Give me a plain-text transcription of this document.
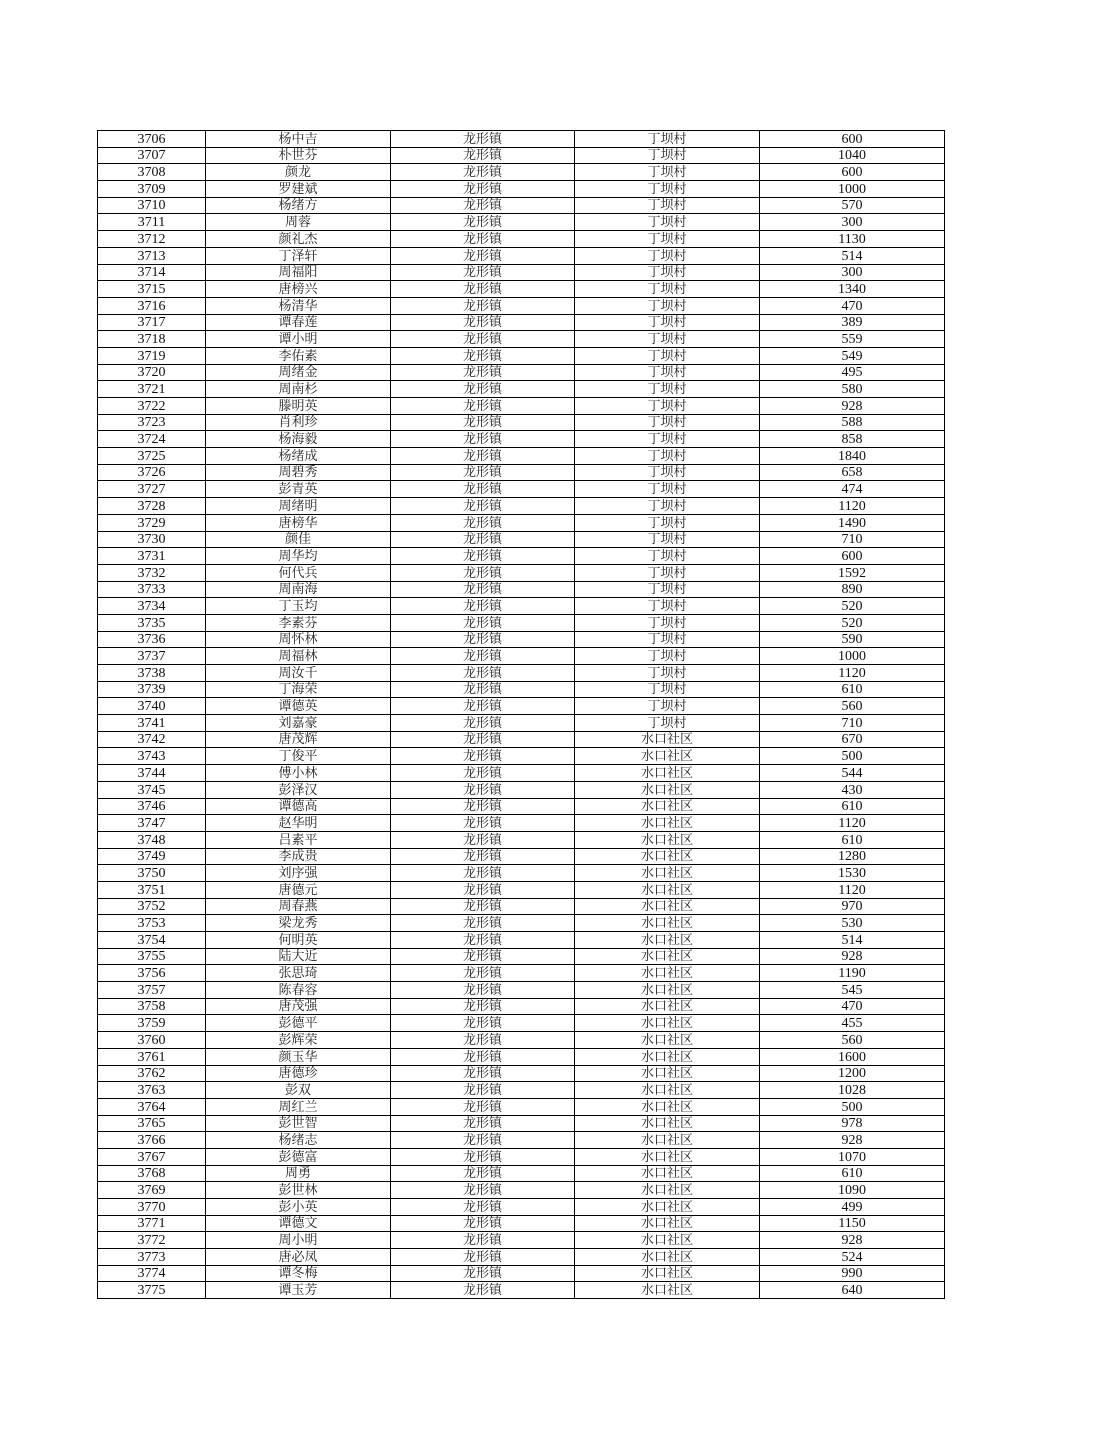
3706	杨中吉	龙形镇	丁坝村	600
3707	朴世芬	龙形镇	丁坝村	1040
3708	颜龙	龙形镇	丁坝村	600
3709	罗建斌	龙形镇	丁坝村	1000
3710	杨绪方	龙形镇	丁坝村	570
3711	周蓉	龙形镇	丁坝村	300
3712	颜礼杰	龙形镇	丁坝村	1130
3713	丁泽轩	龙形镇	丁坝村	514
3714	周福阳	龙形镇	丁坝村	300
3715	唐榜兴	龙形镇	丁坝村	1340
3716	杨清华	龙形镇	丁坝村	470
3717	谭春莲	龙形镇	丁坝村	389
3718	谭小明	龙形镇	丁坝村	559
3719	李佑素	龙形镇	丁坝村	549
3720	周绪金	龙形镇	丁坝村	495
3721	周南杉	龙形镇	丁坝村	580
3722	滕明英	龙形镇	丁坝村	928
3723	肖利珍	龙形镇	丁坝村	588
3724	杨海毅	龙形镇	丁坝村	858
3725	杨绪成	龙形镇	丁坝村	1840
3726	周碧秀	龙形镇	丁坝村	658
3727	彭青英	龙形镇	丁坝村	474
3728	周绪明	龙形镇	丁坝村	1120
3729	唐榜华	龙形镇	丁坝村	1490
3730	颜佳	龙形镇	丁坝村	710
3731	周华均	龙形镇	丁坝村	600
3732	何代兵	龙形镇	丁坝村	1592
3733	周南海	龙形镇	丁坝村	890
3734	丁玉均	龙形镇	丁坝村	520
3735	李素芬	龙形镇	丁坝村	520
3736	周怀林	龙形镇	丁坝村	590
3737	周福林	龙形镇	丁坝村	1000
3738	周汝千	龙形镇	丁坝村	1120
3739	丁海荣	龙形镇	丁坝村	610
3740	谭德英	龙形镇	丁坝村	560
3741	刘嘉豪	龙形镇	丁坝村	710
3742	唐茂辉	龙形镇	水口社区	670
3743	丁俊平	龙形镇	水口社区	500
3744	傅小林	龙形镇	水口社区	544
3745	彭泽汉	龙形镇	水口社区	430
3746	谭德高	龙形镇	水口社区	610
3747	赵华明	龙形镇	水口社区	1120
3748	吕素平	龙形镇	水口社区	610
3749	李成贵	龙形镇	水口社区	1280
3750	刘序强	龙形镇	水口社区	1530
3751	唐德元	龙形镇	水口社区	1120
3752	周春燕	龙形镇	水口社区	970
3753	梁龙秀	龙形镇	水口社区	530
3754	何明英	龙形镇	水口社区	514
3755	陆大近	龙形镇	水口社区	928
3756	张思琦	龙形镇	水口社区	1190
3757	陈春容	龙形镇	水口社区	545
3758	唐茂强	龙形镇	水口社区	470
3759	彭德平	龙形镇	水口社区	455
3760	彭辉荣	龙形镇	水口社区	560
3761	颜玉华	龙形镇	水口社区	1600
3762	唐德珍	龙形镇	水口社区	1200
3763	彭双	龙形镇	水口社区	1028
3764	周红兰	龙形镇	水口社区	500
3765	彭世智	龙形镇	水口社区	978
3766	杨绪志	龙形镇	水口社区	928
3767	彭德富	龙形镇	水口社区	1070
3768	周勇	龙形镇	水口社区	610
3769	彭世林	龙形镇	水口社区	1090
3770	彭小英	龙形镇	水口社区	499
3771	谭德文	龙形镇	水口社区	1150
3772	周小明	龙形镇	水口社区	928
3773	唐必凤	龙形镇	水口社区	524
3774	谭冬梅	龙形镇	水口社区	990
3775	谭玉芳	龙形镇	水口社区	640
